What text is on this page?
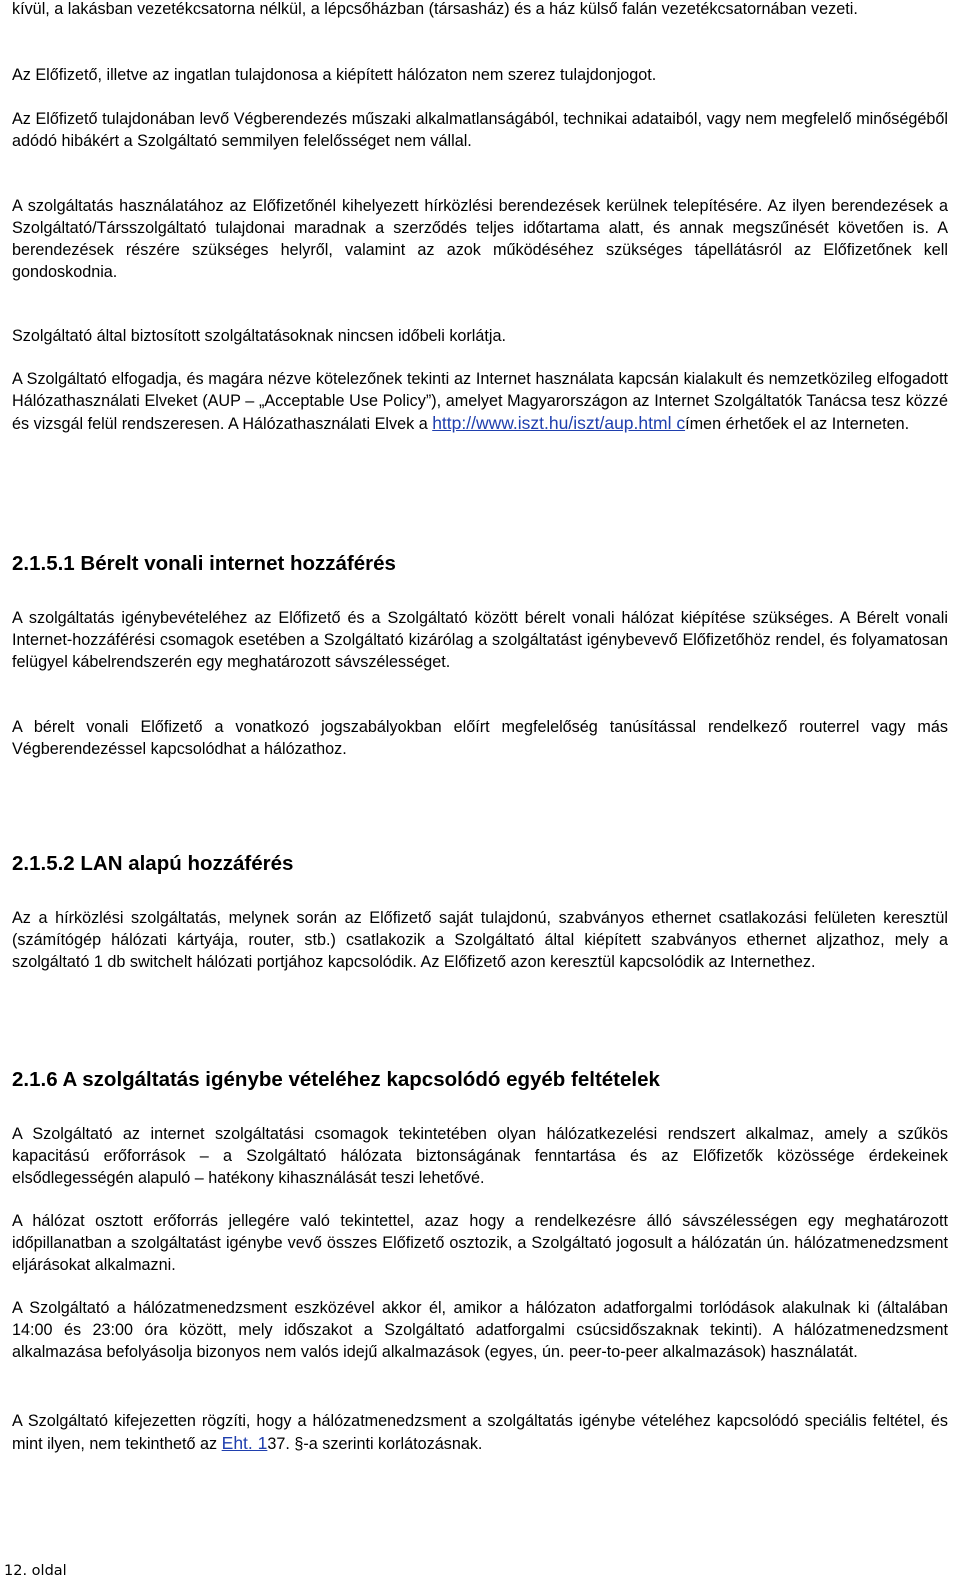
kívül, a lakásban vezetékcsatorna nélkül, a lépcsőházban (társasház) és a ház külső falán vezetékcsatornában vezeti.

Az Előfizető, illetve az ingatlan tulajdonosa a kiépített hálózaton nem szerez tulajdonjogot.

Az Előfizető tulajdonában levő Végberendezés műszaki alkalmatlanságából, technikai adataiból, vagy nem megfelelő minőségéből adódó hibákért a Szolgáltató semmilyen felelősséget nem vállal.

A szolgáltatás használatához az Előfizetőnél kihelyezett hírközlési berendezések kerülnek telepítésére. Az ilyen berendezések a Szolgáltató/Társszolgáltató tulajdonai maradnak a szerződés teljes időtartama alatt, és annak megszűnését követően is. A berendezések részére szükséges helyről, valamint az azok működéséhez szükséges tápellátásról az Előfizetőnek kell gondoskodnia.

Szolgáltató által biztosított szolgáltatásoknak nincsen időbeli korlátja.

A Szolgáltató elfogadja, és magára nézve kötelezőnek tekinti az Internet használata kapcsán kialakult és nemzetközileg elfogadott Hálózathasználati Elveket (AUP – „Acceptable Use Policy”), amelyet Magyarországon az Internet Szolgáltatók Tanácsa tesz közzé és vizsgál felül rendszeresen. A Hálózathasználati Elvek a http://www.iszt.hu/iszt/aup.html címen érhetőek el az Interneten.

2.1.5.1 Bérelt vonali internet hozzáférés

A szolgáltatás igénybevételéhez az Előfizető és a Szolgáltató között bérelt vonali hálózat kiépítése szükséges. A Bérelt vonali Internet-hozzáférési csomagok esetében a Szolgáltató kizárólag a szolgáltatást igénybevevő Előfizetőhöz rendel, és folyamatosan felügyel kábelrendszerén egy meghatározott sávszélességet.

A bérelt vonali Előfizető a vonatkozó jogszabályokban előírt megfelelőség tanúsítással rendelkező routerrel vagy más Végberendezéssel kapcsolódhat a hálózathoz.

2.1.5.2 LAN alapú hozzáférés

Az a hírközlési szolgáltatás, melynek során az Előfizető saját tulajdonú, szabványos ethernet csatlakozási felületen keresztül (számítógép hálózati kártyája, router, stb.) csatlakozik a Szolgáltató által kiépített szabványos ethernet aljzathoz, mely a szolgáltató 1 db switchelt hálózati portjához kapcsolódik. Az Előfizető azon keresztül kapcsolódik az Internethez.

2.1.6 A szolgáltatás igénybe vételéhez kapcsolódó egyéb feltételek

A Szolgáltató az internet szolgáltatási csomagok tekintetében olyan hálózatkezelési rendszert alkalmaz, amely a szűkös kapacitású erőforrások – a Szolgáltató hálózata biztonságának fenntartása és az Előfizetők közössége érdekeinek elsődlegességén alapuló – hatékony kihasználását teszi lehetővé.

A hálózat osztott erőforrás jellegére való tekintettel, azaz hogy a rendelkezésre álló sávszélességen egy meghatározott időpillanatban a szolgáltatást igénybe vevő összes Előfizető osztozik, a Szolgáltató jogosult a hálózatán ún. hálózatmenedzsment eljárásokat alkalmazni.

A Szolgáltató a hálózatmenedzsment eszközével akkor él, amikor a hálózaton adatforgalmi torlódások alakulnak ki (általában 14:00 és 23:00 óra között, mely időszakot a Szolgáltató adatforgalmi csúcsidőszaknak tekinti). A hálózatmenedzsment alkalmazása befolyásolja bizonyos nem valós idejű alkalmazások (egyes, ún. peer-to-peer alkalmazások) használatát.

A Szolgáltató kifejezetten rögzíti, hogy a hálózatmenedzsment a szolgáltatás igénybe vételéhez kapcsolódó speciális feltétel, és mint ilyen, nem tekinthető az Eht. 137. §-a szerinti korlátozásnak.

12. oldal
